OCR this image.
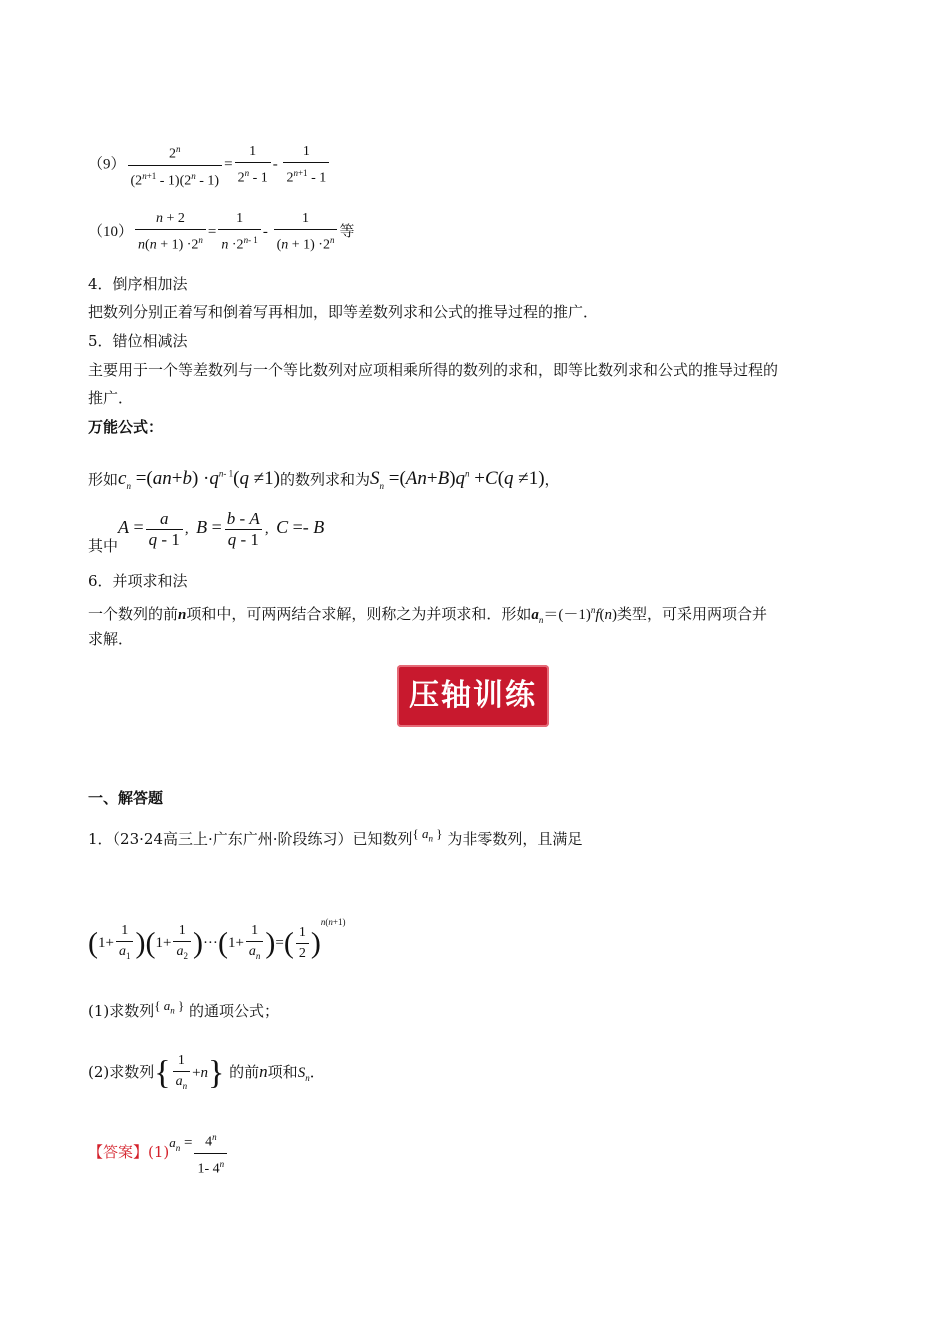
$(9) \frac{2^n}{(2^{n+1} - 1)(2^n - 1)} = \frac{1}{2^n - 1} - \frac{1}{2^{n+1} - 1}$
$(10) \frac{n + 2}{n(n + 1) \cdot 2^n} = \frac{1}{n \cdot 2^{n- 1}} - \frac{1}{(n + 1) \cdot 2^n}$ 等
4．倒序相加法
把数列分别正着写和倒着写再相加，即等差数列求和公式的推导过程的推广．
5．错位相减法
主要用于一个等差数列与一个等比数列对应项相乘所得的数列的求和，即等比数列求和公式的推导过程的
推广．
万能公式：
形如$c_n =(an+b) \cdot q^{n- 1}(q \ne 1)$的数列求和为$S_n =(An+B)q^n +C(q \ne 1)$，
其中$A = \frac{a}{q - 1}$ ,  $B = \frac{b - A}{q - 1}$ ,  C =- B
6．并项求和法
一个数列的前n项和中，可两两结合求解，则称之为并项求和．形如$a_n=(-1)^nf(n)$类型，可采用两项合并
求解．
压轴训练
一、解答题
1．（23·24高三上·广东广州·阶段练习）已知数列{ $a_n$ } 为非零数列，且满足
$(1+ \frac{1}{a_1} )(1+ \frac{1}{a_2} )\cdot\cdot\cdot(1+ \frac{1}{a_n}$ )=( $\frac{1}{2} )^{n(n+1)}$
(1)求数列{ $a_n$ } 的通项公式；
(2)求数列{ $\frac{1}{a_n} +n$} 的前n项和$S_n$．
【答案】$(1)a_n = \frac{4^n}{1- 4^n}$
